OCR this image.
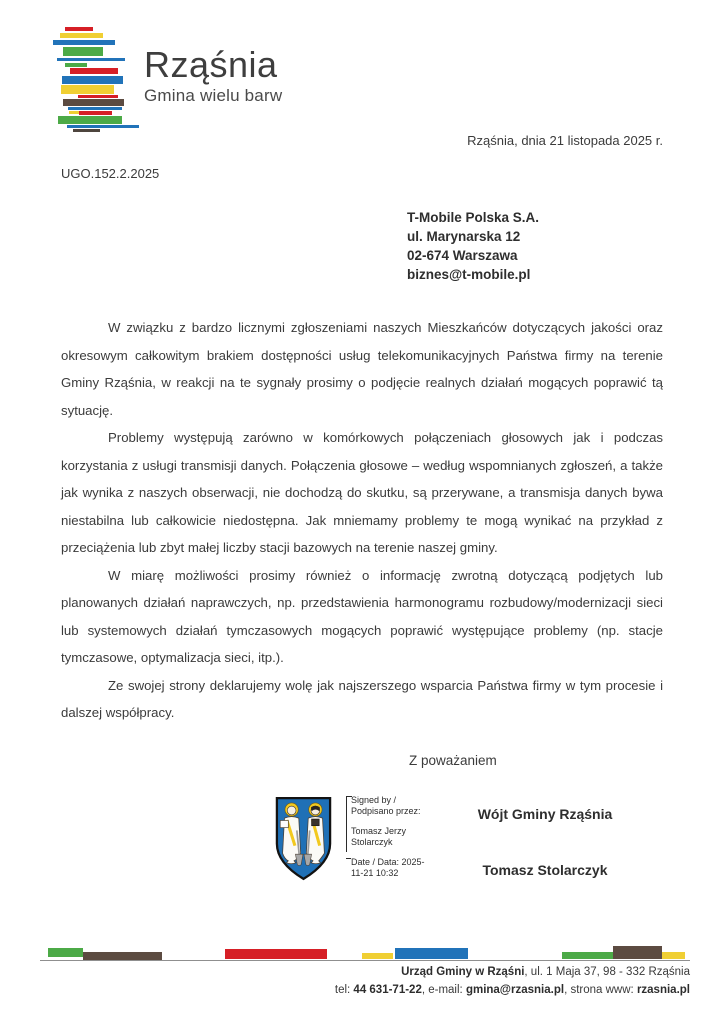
Rząśnia
Gmina wielu barw
Rząśnia, dnia 21 listopada 2025 r.
UGO.152.2.2025
T-Mobile Polska S.A.
ul. Marynarska 12
02-674 Warszawa
biznes@t-mobile.pl

W związku z bardzo licznymi zgłoszeniami naszych Mieszkańców dotyczących jakości oraz okresowym całkowitym brakiem dostępności usług telekomunikacyjnych Państwa firmy na terenie Gminy Rząśnia, w reakcji na te sygnały prosimy o podjęcie realnych działań mogących poprawić tą sytuację.

Problemy występują zarówno w komórkowych połączeniach głosowych jak i podczas korzystania z usługi transmisji danych. Połączenia głosowe – według wspomnianych zgłoszeń, a także jak wynika z naszych obserwacji, nie dochodzą do skutku, są przerywane, a transmisja danych bywa niestabilna lub całkowicie niedostępna. Jak mniemamy problemy te mogą wynikać na przykład z przeciążenia lub zbyt małej liczby stacji bazowych na terenie naszej gminy.

W miarę możliwości prosimy również o informację zwrotną dotyczącą podjętych lub planowanych działań naprawczych, np. przedstawienia harmonogramu rozbudowy/modernizacji sieci lub systemowych działań tymczasowych mogących poprawić występujące problemy (np. stacje tymczasowe, optymalizacja sieci, itp.).

Ze swojej strony deklarujemy wolę jak najszerszego wsparcia Państwa firmy w tym procesie i dalszej współpracy.

Z poważaniem
Signed by /
Podpisano przez:
Tomasz Jerzy
Stolarczyk
Date / Data: 2025-
11-21 10:32
Wójt Gminy Rząśnia
Tomasz Stolarczyk
Urząd Gminy w Rząśni, ul. 1 Maja 37, 98 - 332 Rząśnia
tel: 44 631-71-22, e-mail: gmina@rzasnia.pl, strona www: rzasnia.pl
